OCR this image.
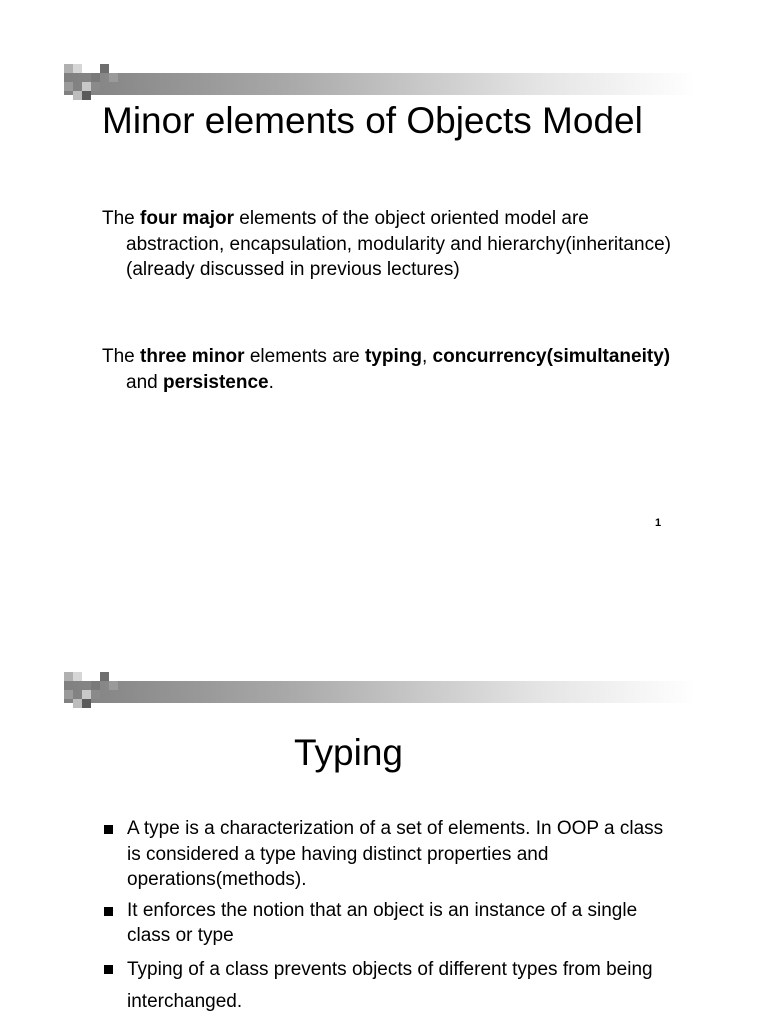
Minor elements of Objects Model

The four major elements of the object oriented model are abstraction, encapsulation, modularity and hierarchy(inheritance)(already discussed in previous lectures)

The three minor elements are typing, concurrency(simultaneity) and persistence.

1
Typing
A type is a characterization of a set of elements. In OOP a class is considered a type having distinct properties and operations(methods).
It enforces the notion that an object is an instance of a single class or type
Typing of a class prevents objects of different types from being interchanged.
